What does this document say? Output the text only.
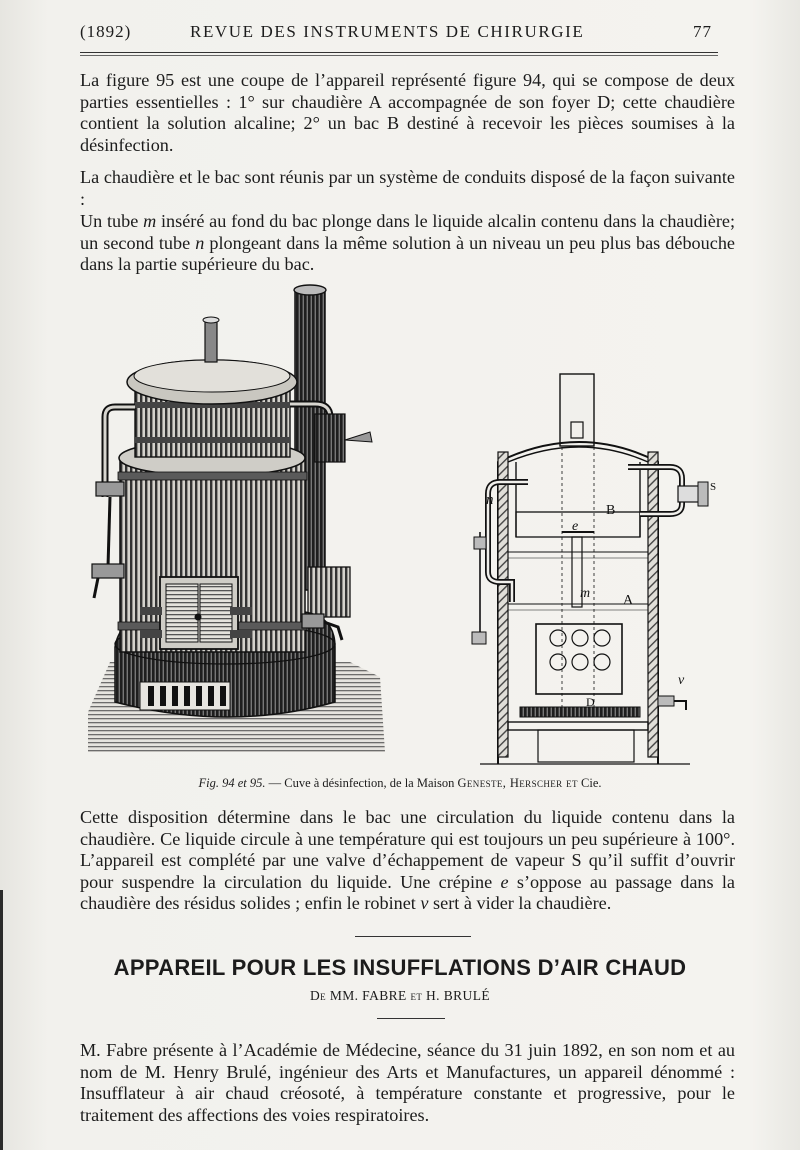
(1892)	REVUE DES INSTRUMENTS DE CHIRURGIE	77

La figure 95 est une coupe de l’appareil représenté figure 94, qui se compose de deux parties essentielles : 1° sur chaudière A accompagnée de son foyer D; cette chaudière contient la solution alcaline; 2° un bac B destiné à recevoir les pièces soumises à la désinfection.

La chaudière et le bac sont réunis par un système de conduits disposé de la façon suivante :

Un tube m inséré au fond du bac plonge dans le liquide alcalin contenu dans la chaudière; un second tube n plongeant dans la même solution à un niveau un peu plus bas débouche dans la partie supérieure du bac.

n
B
e
m A
D
v
S
Fig. 94 et 95. — Cuve à désinfection, de la Maison Geneste, Herscher et Cie.

Cette disposition détermine dans le bac une circulation du liquide contenu dans la chaudière. Ce liquide circule à une température qui est toujours un peu supérieure à 100°. L’appareil est complété par une valve d’échappement de vapeur S qu’il suffit d’ouvrir pour suspendre la circulation du liquide. Une crépine e s’oppose au passage dans la chaudière des résidus solides ; enfin le robinet v sert à vider la chaudière.

APPAREIL POUR LES INSUFFLATIONS D’AIR CHAUD
De MM. FABRE et H. BRULÉ

M. Fabre présente à l’Académie de Médecine, séance du 31 juin 1892, en son nom et au nom de M. Henry Brulé, ingénieur des Arts et Manufactures, un appareil dénommé : Insufflateur à air chaud créosoté, à température constante et progressive, pour le traitement des affections des voies respiratoires.
